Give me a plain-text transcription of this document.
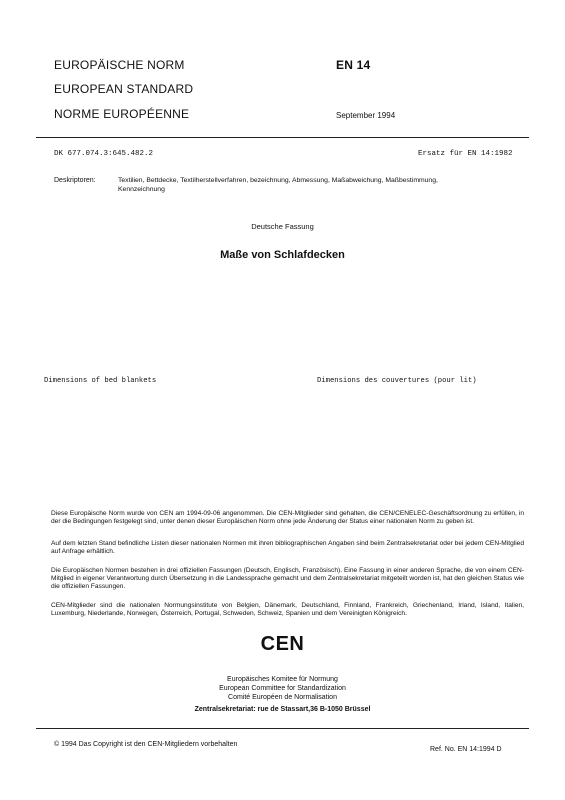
EUROPÄISCHE NORM	EN 14
EUROPEAN STANDARD
NORME EUROPÉENNE	September 1994
DK 677.074.3:645.482.2	Ersatz für EN 14:1982
Deskriptoren:	Textilien, Bettdecke, Textilherstellverfahren, bezeichnung, Abmessung, Maßabweichung, Maßbestimmung,
Kennzeichnung
Deutsche Fassung
Maße von Schlafdecken
Dimensions of bed blankets	Dimensions des couvertures (pour lit)
Diese Europäische Norm wurde von CEN am 1994-09-06 angenommen. Die CEN-Mitglieder sind gehalten, die CEN/CENELEC-Geschäftsordnung zu erfüllen, in der die Bedingungen festgelegt sind, unter denen dieser Europäischen Norm ohne jede Änderung der Status einer nationalen Norm zu geben ist.
Auf dem letzten Stand befindliche Listen dieser nationalen Normen mit ihren bibliographischen Angaben sind beim Zentralsekretariat oder bei jedem CEN-Mitglied auf Anfrage erhältlich.
Die Europäischen Normen bestehen in drei offiziellen Fassungen (Deutsch, Englisch, Französisch). Eine Fassung in einer anderen Sprache, die von einem CEN-Mitglied in eigener Verantwortung durch Übersetzung in die Landessprache gemacht und dem Zentralsekretariat mitgeteilt worden ist, hat den gleichen Status wie die offiziellen Fassungen.
CEN-Mitglieder sind die nationalen Normungsinstitute von Belgien, Dänemark, Deutschland, Finnland, Frankreich, Griechenland, Irland, Island, Italien, Luxemburg, Niederlande, Norwegen, Österreich, Portugal, Schweden, Schweiz, Spanien und dem Vereinigten Königreich.
CEN
Europäisches Komitee für Normung
European Committee for Standardization
Comité Européen de Normalisation
Zentralsekretariat: rue de Stassart,36 B-1050 Brüssel
© 1994 Das Copyright ist den CEN-Mitgliedern vorbehalten
Ref. No. EN 14:1994 D
